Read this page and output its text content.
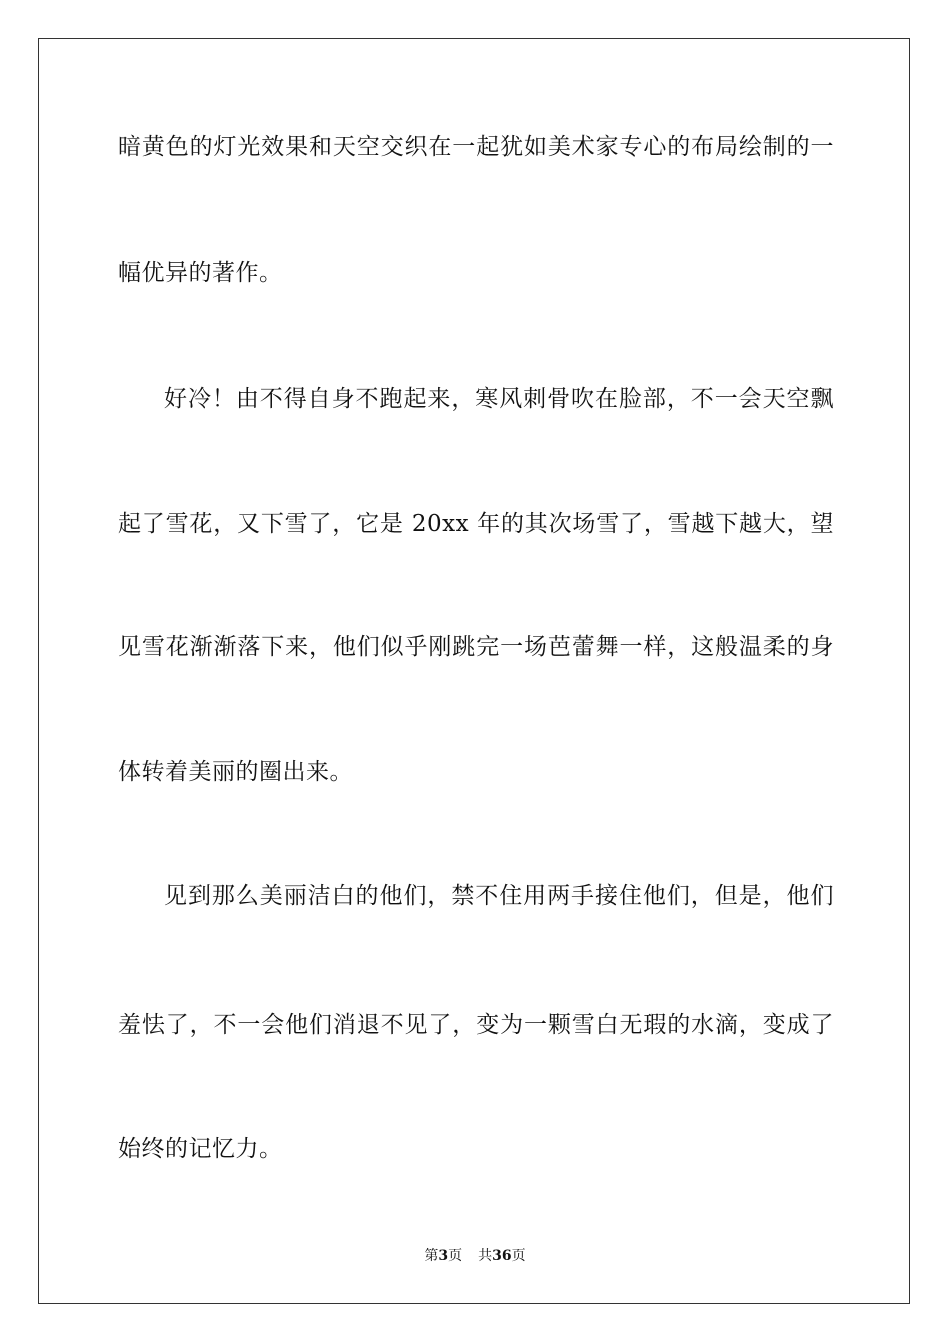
暗黄色的灯光效果和天空交织在一起犹如美术家专心的布局绘制的一
幅优异的著作。
好冷！由不得自身不跑起来，寒风刺骨吹在脸部，不一会天空飘
起了雪花，又下雪了，它是 20xx 年的其次场雪了，雪越下越大，望
见雪花渐渐落下来，他们似乎刚跳完一场芭蕾舞一样，这般温柔的身
体转着美丽的圈出来。
见到那么美丽洁白的他们，禁不住用两手接住他们，但是，他们
羞怯了，不一会他们消退不见了，变为一颗雪白无瑕的水滴，变成了
始终的记忆力。
第3页 共36页
